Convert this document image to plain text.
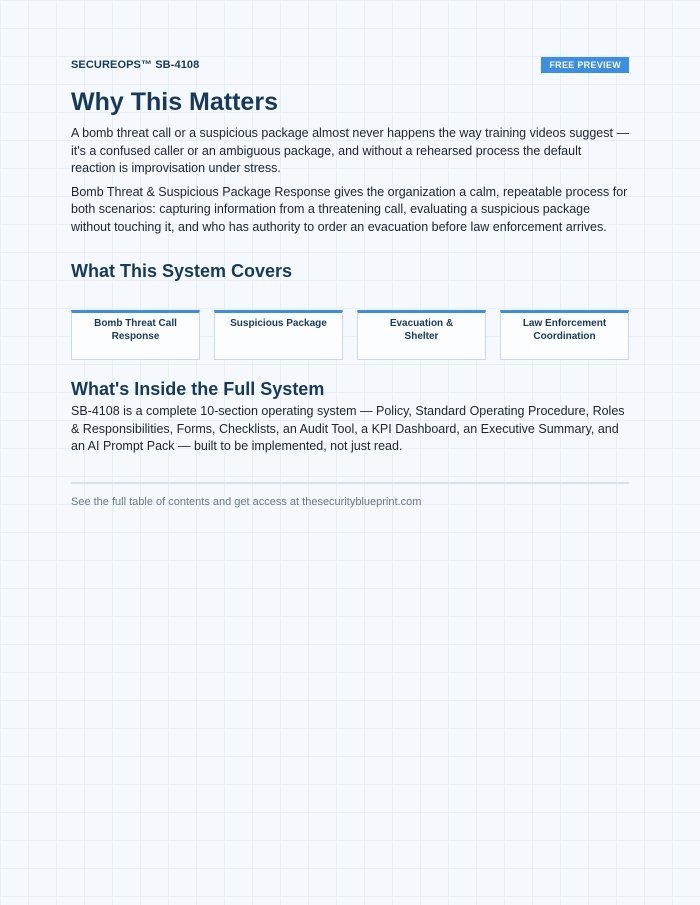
SECUREOPS™ SB-4108	FREE PREVIEW
Why This Matters

A bomb threat call or a suspicious package almost never happens the way training videos suggest — it's a confused caller or an ambiguous package, and without a rehearsed process the default reaction is improvisation under stress.

Bomb Threat & Suspicious Package Response gives the organization a calm, repeatable process for both scenarios: capturing information from a threatening call, evaluating a suspicious package without touching it, and who has authority to order an evacuation before law enforcement arrives.

What This System Covers
Bomb Threat Call Response
Suspicious Package	Evacuation & Shelter
Law Enforcement Coordination
What's Inside the Full System

SB-4108 is a complete 10-section operating system — Policy, Standard Operating Procedure, Roles & Responsibilities, Forms, Checklists, an Audit Tool, a KPI Dashboard, an Executive Summary, and an AI Prompt Pack — built to be implemented, not just read.

See the full table of contents and get access at thesecurityblueprint.com
